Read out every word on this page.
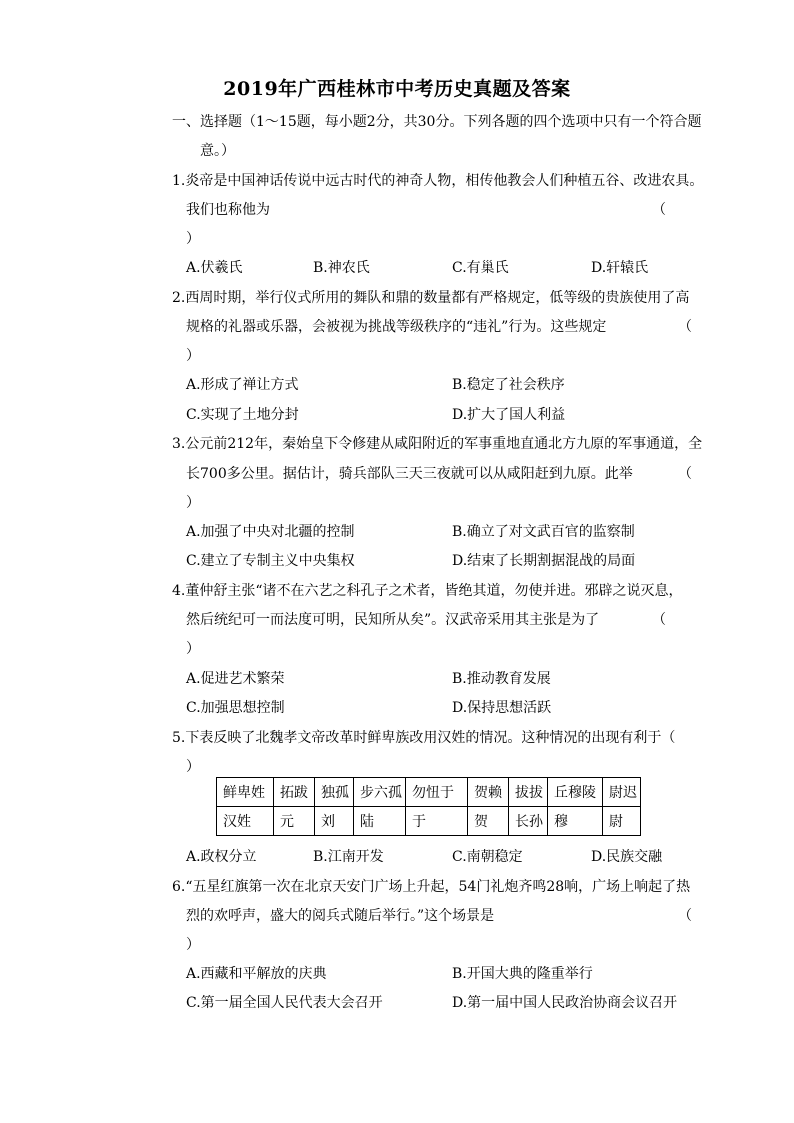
2019年广西桂林市中考历史真题及答案
一、选择题（1～15题，每小题2分，共30分。下列各题的四个选项中只有一个符合题
意。）
1.炎帝是中国神话传说中远古时代的神奇人物，相传他教会人们种植五谷、改进农具。
我们也称他为	（
）
A.伏羲氏	B.神农氏	C.有巢氏	D.轩辕氏
2.西周时期，举行仪式所用的舞队和鼎的数量都有严格规定，低等级的贵族使用了高
规格的礼器或乐器，会被视为挑战等级秩序的“违礼”行为。这些规定	（
）
A.形成了禅让方式	B.稳定了社会秩序
C.实现了土地分封	D.扩大了国人利益
3.公元前212年，秦始皇下令修建从咸阳附近的军事重地直通北方九原的军事通道，全
长700多公里。据估计，骑兵部队三天三夜就可以从咸阳赶到九原。此举	（
）
A.加强了中央对北疆的控制	B.确立了对文武百官的监察制
C.建立了专制主义中央集权	D.结束了长期割据混战的局面
4.董仲舒主张“诸不在六艺之科孔子之术者，皆绝其道，勿使并进。邪辟之说灭息，
然后统纪可一而法度可明，民知所从矣”。汉武帝采用其主张是为了	（
）
A.促进艺术繁荣	B.推动教育发展
C.加强思想控制	D.保持思想活跃
5.下表反映了北魏孝文帝改革时鲜卑族改用汉姓的情况。这种情况的出现有利于（
）
鲜卑姓	拓跋	独孤	步六孤	勿忸于	贺赖	拔拔	丘穆陵	尉迟
汉姓	元	刘	陆	于	贺	长孙	穆	尉
A.政权分立	B.江南开发	C.南朝稳定	D.民族交融
6.“五星红旗第一次在北京天安门广场上升起，54门礼炮齐鸣28响，广场上响起了热
烈的欢呼声，盛大的阅兵式随后举行。”这个场景是	（
）
A.西藏和平解放的庆典	B.开国大典的隆重举行
C.第一届全国人民代表大会召开	D.第一届中国人民政治协商会议召开
